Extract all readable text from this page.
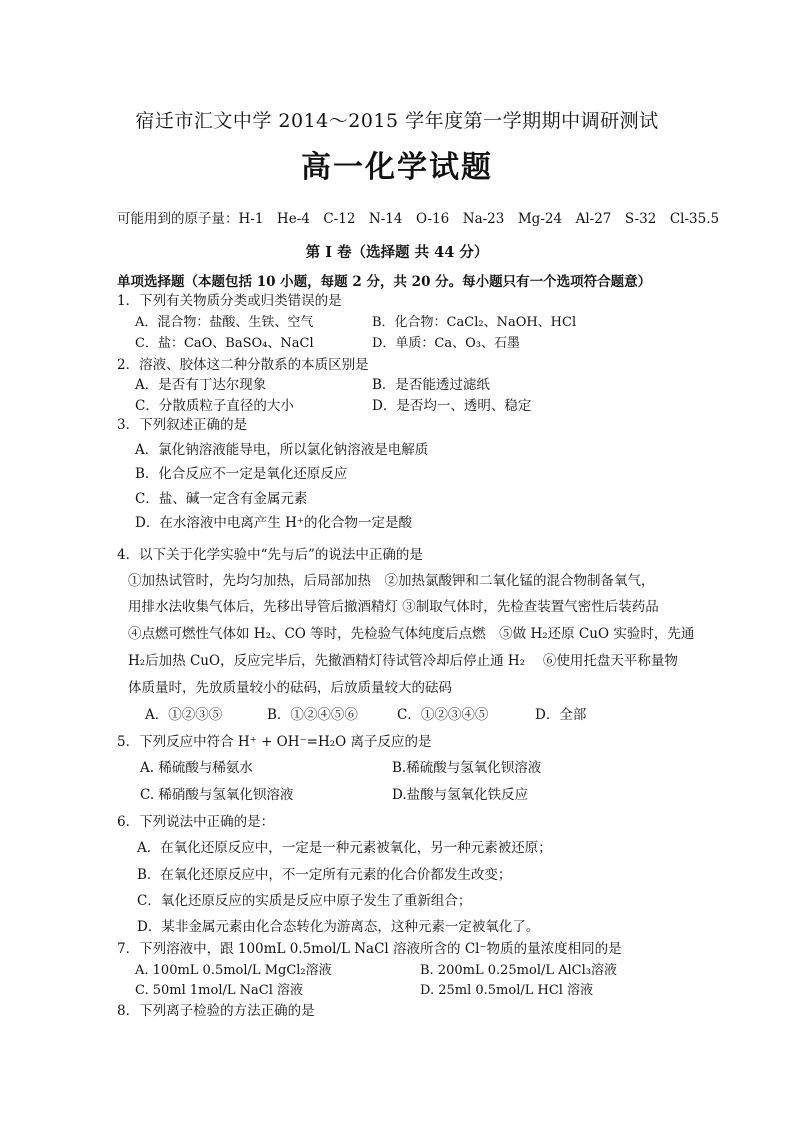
宿迁市汇文中学 2014～2015 学年度第一学期期中调研测试
高一化学试题
可能用到的原子量：H-1　He-4　C-12　N-14　O-16　Na-23　Mg-24　Al-27　S-32　Cl-35.5
第 I 卷（选择题 共 44 分）
单项选择题（本题包括 10 小题，每题 2 分，共 20 分。每小题只有一个选项符合题意）
1．下列有关物质分类或归类错误的是
A．混合物：盐酸、生铁、空气	B．化合物：CaCl₂、NaOH、HCl
C．盐：CaO、BaSO₄、NaCl	D．单质：Ca、O₃、石墨
2．溶液、胶体这二种分散系的本质区别是
A．是否有丁达尔现象	B．是否能透过滤纸
C．分散质粒子直径的大小	D．是否均一、透明、稳定
3．下列叙述正确的是
A．氯化钠溶液能导电，所以氯化钠溶液是电解质
B．化合反应不一定是氧化还原反应
C．盐、碱一定含有金属元素
D．在水溶液中电离产生 H⁺的化合物一定是酸
4．以下关于化学实验中“先与后”的说法中正确的是
①加热试管时，先均匀加热，后局部加热　②加热氯酸钾和二氧化锰的混合物制备氧气，
用排水法收集气体后，先移出导管后撤酒精灯 ③制取气体时，先检查装置气密性后装药品
④点燃可燃性气体如 H₂、CO 等时，先检验气体纯度后点燃　⑤做 H₂还原 CuO 实验时，先通
H₂后加热 CuO，反应完毕后，先撤酒精灯待试管冷却后停止通 H₂　 ⑥使用托盘天平称量物
体质量时，先放质量较小的砝码，后放质量较大的砝码
A．①②③⑤	B．①②④⑤⑥	C．①②③④⑤	D．全部
5．下列反应中符合 H⁺ + OH⁻=H₂O 离子反应的是
A. 稀硫酸与稀氨水	B.稀硫酸与氢氧化钡溶液
C. 稀硝酸与氢氧化钡溶液	D.盐酸与氢氧化铁反应
6．下列说法中正确的是：
A．在氧化还原反应中，一定是一种元素被氧化，另一种元素被还原；
B．在氧化还原反应中，不一定所有元素的化合价都发生改变；
C．氧化还原反应的实质是反应中原子发生了重新组合；
D．某非金属元素由化合态转化为游离态，这种元素一定被氧化了。
7．下列溶液中，跟 100mL 0.5mol/L NaCl 溶液所含的 Cl⁻物质的量浓度相同的是
A. 100mL 0.5mol/L MgCl₂溶液	B. 200mL 0.25mol/L AlCl₃溶液
C. 50ml 1mol/L NaCl 溶液	D. 25ml 0.5mol/L HCl 溶液
8．下列离子检验的方法正确的是
